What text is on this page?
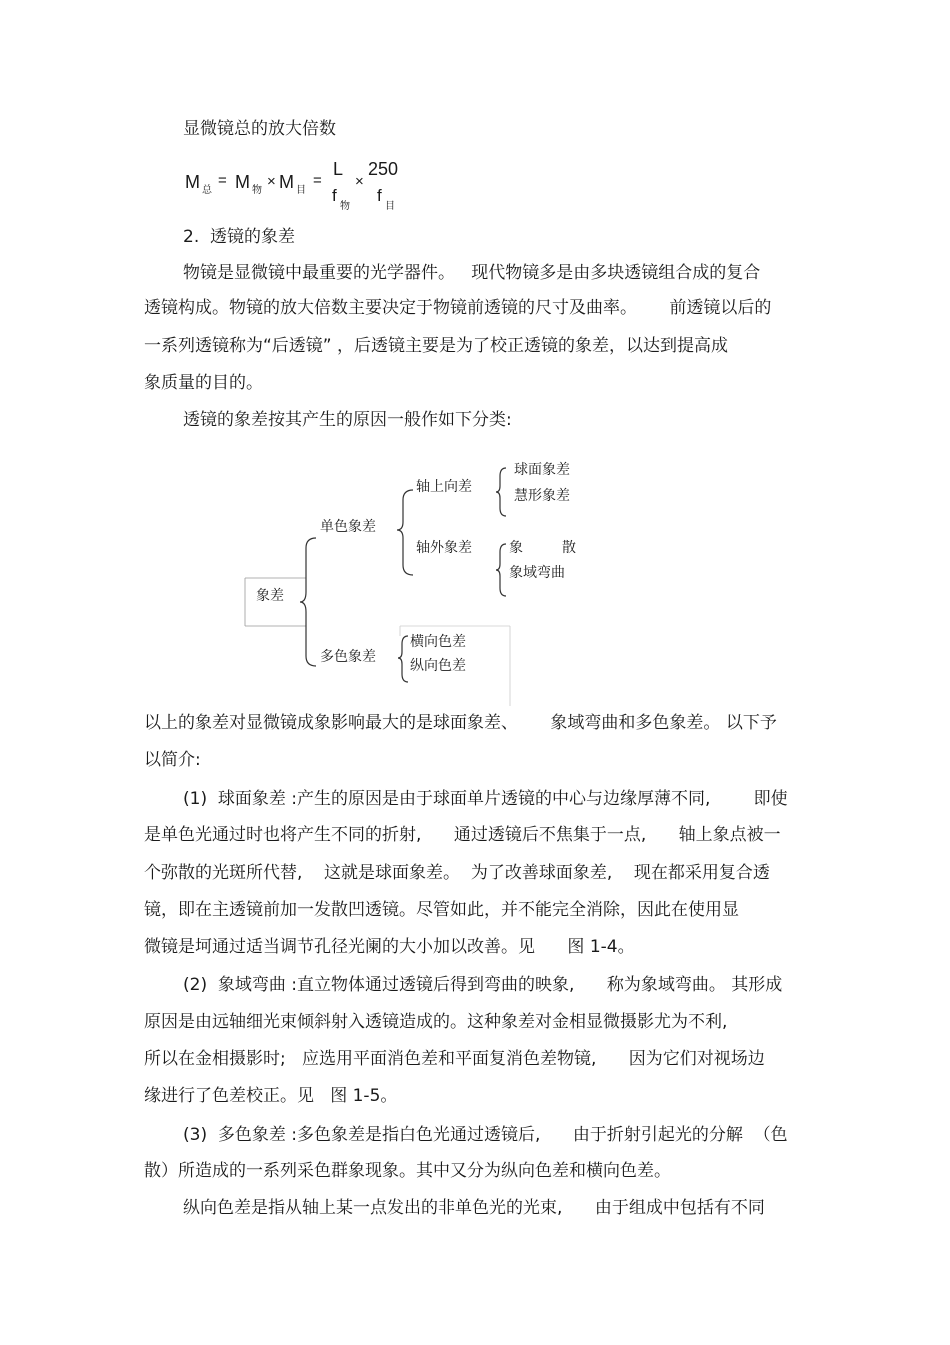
显微镜总的放大倍数
M 总
= M 物
× M 目
=
L
f
物
×
250
f
目
2.  透镜的象差
物镜是显微镜中最重要的光学器件。   现代物镜多是由多块透镜组合成的复合
透镜构成。物镜的放大倍数主要决定于物镜前透镜的尺寸及曲率。      前透镜以后的
一系列透镜称为“后透镜” ，后透镜主要是为了校正透镜的象差，以达到提高成
象质量的目的。
透镜的象差按其产生的原因一般作如下分类:
象差
单色象差
多色象差
轴上向差
轴外象差
球面象差
慧形象差
象	散
象域弯曲
横向色差
纵向色差
以上的象差对显微镜成象影响最大的是球面象差、      象域弯曲和多色象差。 以下予
以简介:
(1)  球面象差 :产生的原因是由于球面单片透镜的中心与边缘厚薄不同,        即使
是单色光通过时也将产生不同的折射,      通过透镜后不焦集于一点,      轴上象点被一
个弥散的光斑所代替,    这就是球面象差。  为了改善球面象差,    现在都采用复合透
镜，即在主透镜前加一发散凹透镜。尽管如此，并不能完全消除，因此在使用显
微镜是坷通过适当调节孔径光阑的大小加以改善。见      图 1-4。
(2)  象域弯曲 :直立物体通过透镜后得到弯曲的映象,      称为象域弯曲。 其形成
原因是由远轴细光束倾斜射入透镜造成的。这种象差对金相显微摄影尤为不利,
所以在金相摄影时;   应选用平面消色差和平面复消色差物镜,      因为它们对视场边
缘进行了色差校正。见   图 1-5。
(3)  多色象差 :多色象差是指白色光通过透镜后,      由于折射引起光的分解  （色
散）所造成的一系列采色群象现象。其中又分为纵向色差和横向色差。
纵向色差是指从轴上某一点发出的非单色光的光束,      由于组成中包括有不同
